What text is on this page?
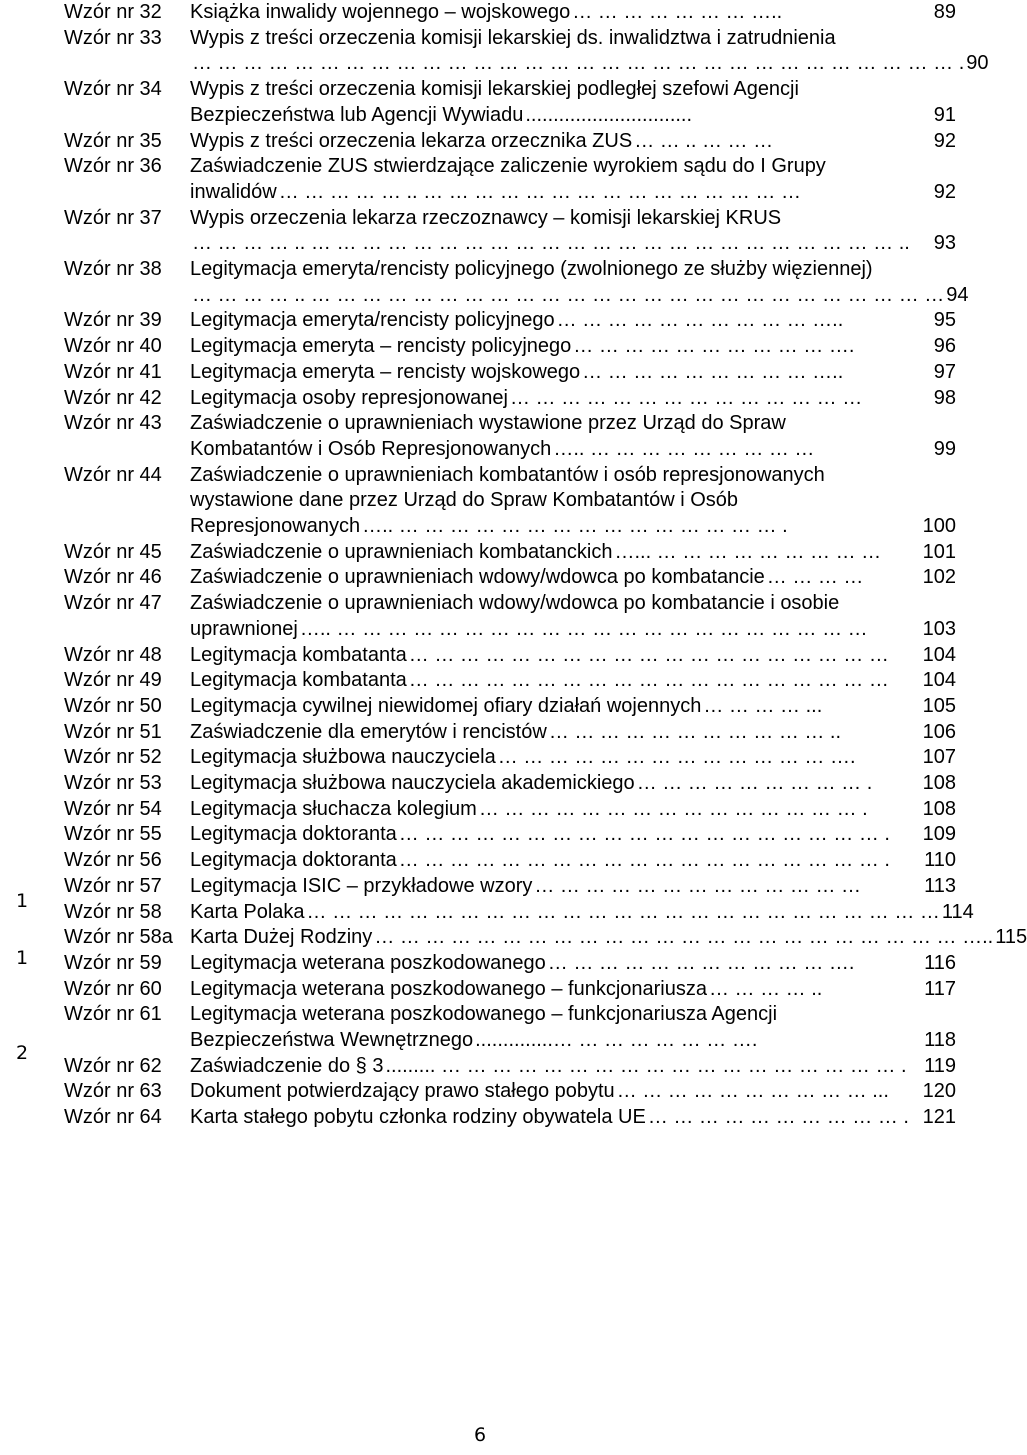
Wzór nr 32 Książka inwalidy wojennego – wojskowego … … … … … … … …..	89
Wzór nr 33 Wypis z treści orzeczenia komisji lekarskiej ds. inwalidztwa i zatrudnienia
… … … … … … … … … … … … … … … … … … … … … … … … … … … … … … . 90
Wzór nr 34 Wypis z treści orzeczenia komisji lekarskiej podległej szefowi Agencji
Bezpieczeństwa lub Agencji Wywiadu ..............................	91
Wzór nr 35 Wypis z treści orzeczenia lekarza orzecznika ZUS … … .. … … …	92
Wzór nr 36 Zaświadczenie ZUS stwierdzające zaliczenie wyrokiem sądu do I Grupy
inwalidów … … … … … .. … … … … … … … … … … … … … … …	92
Wzór nr 37 Wypis orzeczenia lekarza rzeczoznawcy – komisji lekarskiej KRUS
… … … … .. … … … … … … … … … … … … … … … … … … … … … … … ..	93
Wzór nr 38 Legitymacja emeryta/rencisty policyjnego (zwolnionego ze służby więziennej)
… … … … .. … … … … … … … … … … … … … … … … … … … … … … … … … 94
Wzór nr 39 Legitymacja emeryta/rencisty policyjnego … … … … … … … … … … …..	95
Wzór nr 40 Legitymacja emeryta – rencisty policyjnego … … … … … … … … … … ….	96
Wzór nr 41 Legitymacja emeryta – rencisty wojskowego … … … … … … … … … …..	97
Wzór nr 42 Legitymacja osoby represjonowanej … … … … … … … … … … … … … …	98
Wzór nr 43 Zaświadczenie o uprawnieniach wystawione przez Urząd do Spraw
Kombatantów i Osób Represjonowanych ….. … … … … … … … … …	99
Wzór nr 44 Zaświadczenie o uprawnieniach kombatantów i osób represjonowanych
wystawione dane przez Urząd do Spraw Kombatantów i Osób
Represjonowanych ….. … … … … … … … … … … … … … … … .	100
Wzór nr 45 Zaświadczenie o uprawnieniach kombatanckich …... … … … … … … … … …	101
Wzór nr 46 Zaświadczenie o uprawnieniach wdowy/wdowca po kombatancie … … … …	102
Wzór nr 47 Zaświadczenie o uprawnieniach wdowy/wdowca po kombatancie i osobie
uprawnionej ….. … … … … … … … … … … … … … … … … … … … … …	103
Wzór nr 48 Legitymacja kombatanta … … … … … … … … … … … … … … … … … … …	104
Wzór nr 49 Legitymacja kombatanta … … … … … … … … … … … … … … … … … … …	104
Wzór nr 50 Legitymacja cywilnej niewidomej ofiary działań wojennych … … … … ...	105
Wzór nr 51 Zaświadczenie dla emerytów i rencistów … … … … … … … … … … … ..	106
Wzór nr 52 Legitymacja służbowa nauczyciela … … … … … … … … … … … … … ….	107
Wzór nr 53 Legitymacja służbowa nauczyciela akademickiego … … … … … … … … … .	108
Wzór nr 54 Legitymacja słuchacza kolegium … … … … … … … … … … … … … … … .	108
Wzór nr 55 Legitymacja doktoranta … … … … … … … … … … … … … … … … … … … .	109
Wzór nr 56 Legitymacja doktoranta … … … … … … … … … … … … … … … … … … … .	110
Wzór nr 57 Legitymacja ISIC – przykładowe wzory … … … … … … … … … … … … …	113
Wzór nr 58 Karta Polaka … … … … … … … … … … … … … … … … … … … … … … … … … 114
Wzór nr 58a Karta Dużej Rodziny … … … … … … … … … … … … … … … … … … … … … … … ….. 115
Wzór nr 59 Legitymacja weterana poszkodowanego … … … … … … … … … … … ….	116
Wzór nr 60 Legitymacja weterana poszkodowanego – funkcjonariusza … … … … ..	117
Wzór nr 61 Legitymacja weterana poszkodowanego – funkcjonariusza Agencji
Bezpieczeństwa Wewnętrznego ..............… … … … … … … ….	118
Wzór nr 62 Zaświadczenie do § 3 ......... … … … … … … … … … … … … … … … … … … . 119
Wzór nr 63 Dokument potwierdzający prawo stałego pobytu … … … … … … … … … … ...	120
Wzór nr 64 Karta stałego pobytu członka rodziny obywatela UE … … … … … … … … … … . 121
1
1
2
6
